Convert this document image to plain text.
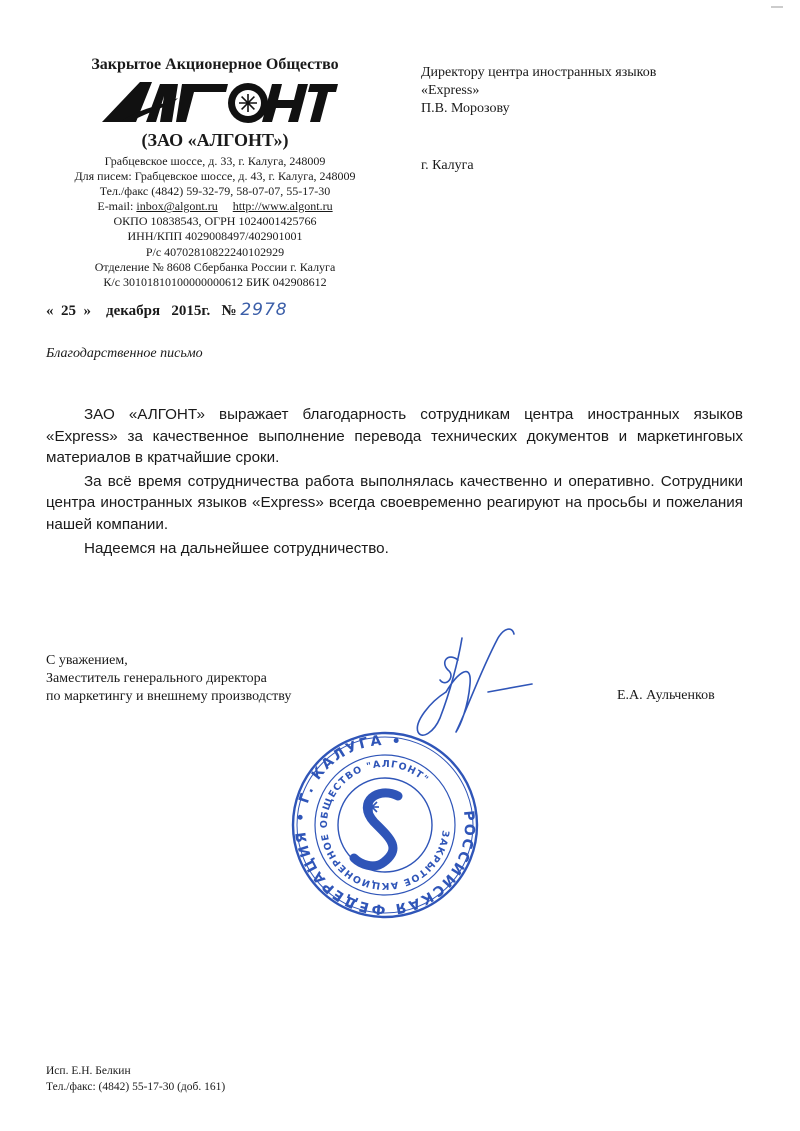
Закрытое Акционерное Общество
(ЗАО «АЛГОНТ»)
Грабцевское шоссе, д. 33, г. Калуга, 248009
Для писем: Грабцевское шоссе, д. 43, г. Калуга, 248009
Тел./факс (4842) 59-32-79, 58-07-07, 55-17-30
E-mail: inbox@algont.ru http://www.algont.ru
ОКПО 10838543, ОГРН 1024001425766
ИНН/КПП 4029008497/402901001
Р/с 40702810822240102929
Отделение № 8608 Сбербанка России г. Калуга
К/с 30101810100000000612 БИК 042908612
« 25 » декабря 2015г. № 2978
Директору центра иностранных языков
«Express»
П.В. Морозову
г. Калуга
Благодарственное письмо

ЗАО «АЛГОНТ» выражает благодарность сотрудникам центра иностранных языков «Express» за качественное выполнение перевода технических документов и маркетинговых материалов в кратчайшие сроки.

За всё время сотрудничества работа выполнялась качественно и оперативно. Сотрудники центра иностранных языков «Express» всегда своевременно реагируют на просьбы и пожелания нашей компании.

Надеемся на дальнейшее сотрудничество.

С уважением,
Заместитель генерального директора
по маркетингу и внешнему производству	Е.А. Аульченков
РОССИЙСКАЯ ФЕДЕРАЦИЯ • Г. КАЛУГА •
ЗАКРЫТОЕ АКЦИОНЕРНОЕ ОБЩЕСТВО "АЛГОНТ"
Исп. Е.Н. Белкин
Тел./факс: (4842) 55-17-30 (доб. 161)
